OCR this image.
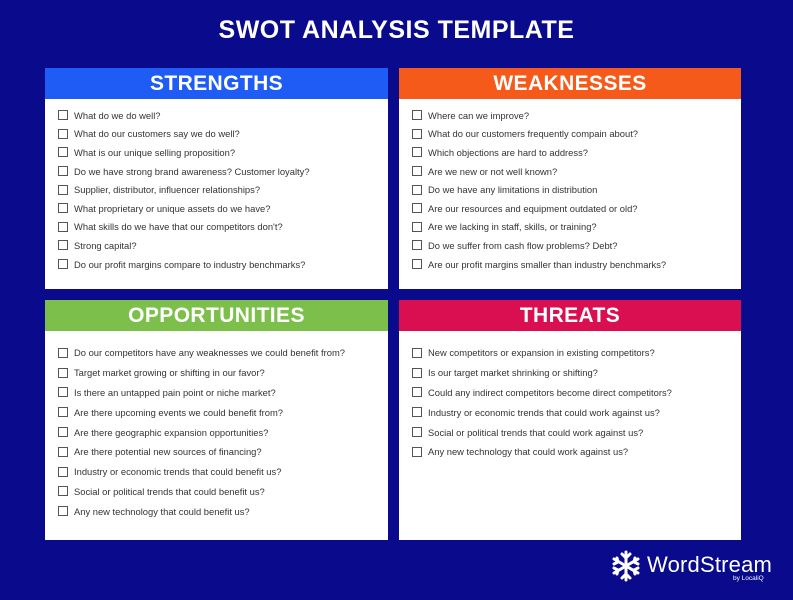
SWOT ANALYSIS TEMPLATE
STRENGTHS
What do we do well?
What do our customers say we do well?
What is our unique selling proposition?
Do we have strong brand awareness? Customer loyalty?
Supplier, distributor, influencer relationships?
What proprietary or unique assets do we have?
What skills do we have that our competitors don't?
Strong capital?
Do our profit margins compare to industry benchmarks?
WEAKNESSES
Where can we improve?
What do our customers frequently compain about?
Which objections are hard to address?
Are we new or not well known?
Do we have any limitations in distribution
Are our resources and equipment outdated or old?
Are we lacking in staff, skills, or training?
Do we suffer from cash flow problems? Debt?
Are our profit margins smaller than industry benchmarks?
OPPORTUNITIES
Do our competitors have any weaknesses we could benefit from?
Target market growing or shifting in our favor?
Is there an untapped pain point or niche market?
Are there upcoming events we could benefit from?
Are there geographic expansion opportunities?
Are there potential new sources of financing?
Industry or economic trends that could benefit us?
Social or political trends that could benefit us?
Any new technology that could benefit us?
THREATS
New competitors or expansion in existing competitors?
Is our target market shrinking or shifting?
Could any indirect competitors become direct competitors?
Industry or economic trends that could work against us?
Social or political trends that could work against us?
Any new technology that could work against us?
WordStream
by LocaliQ
